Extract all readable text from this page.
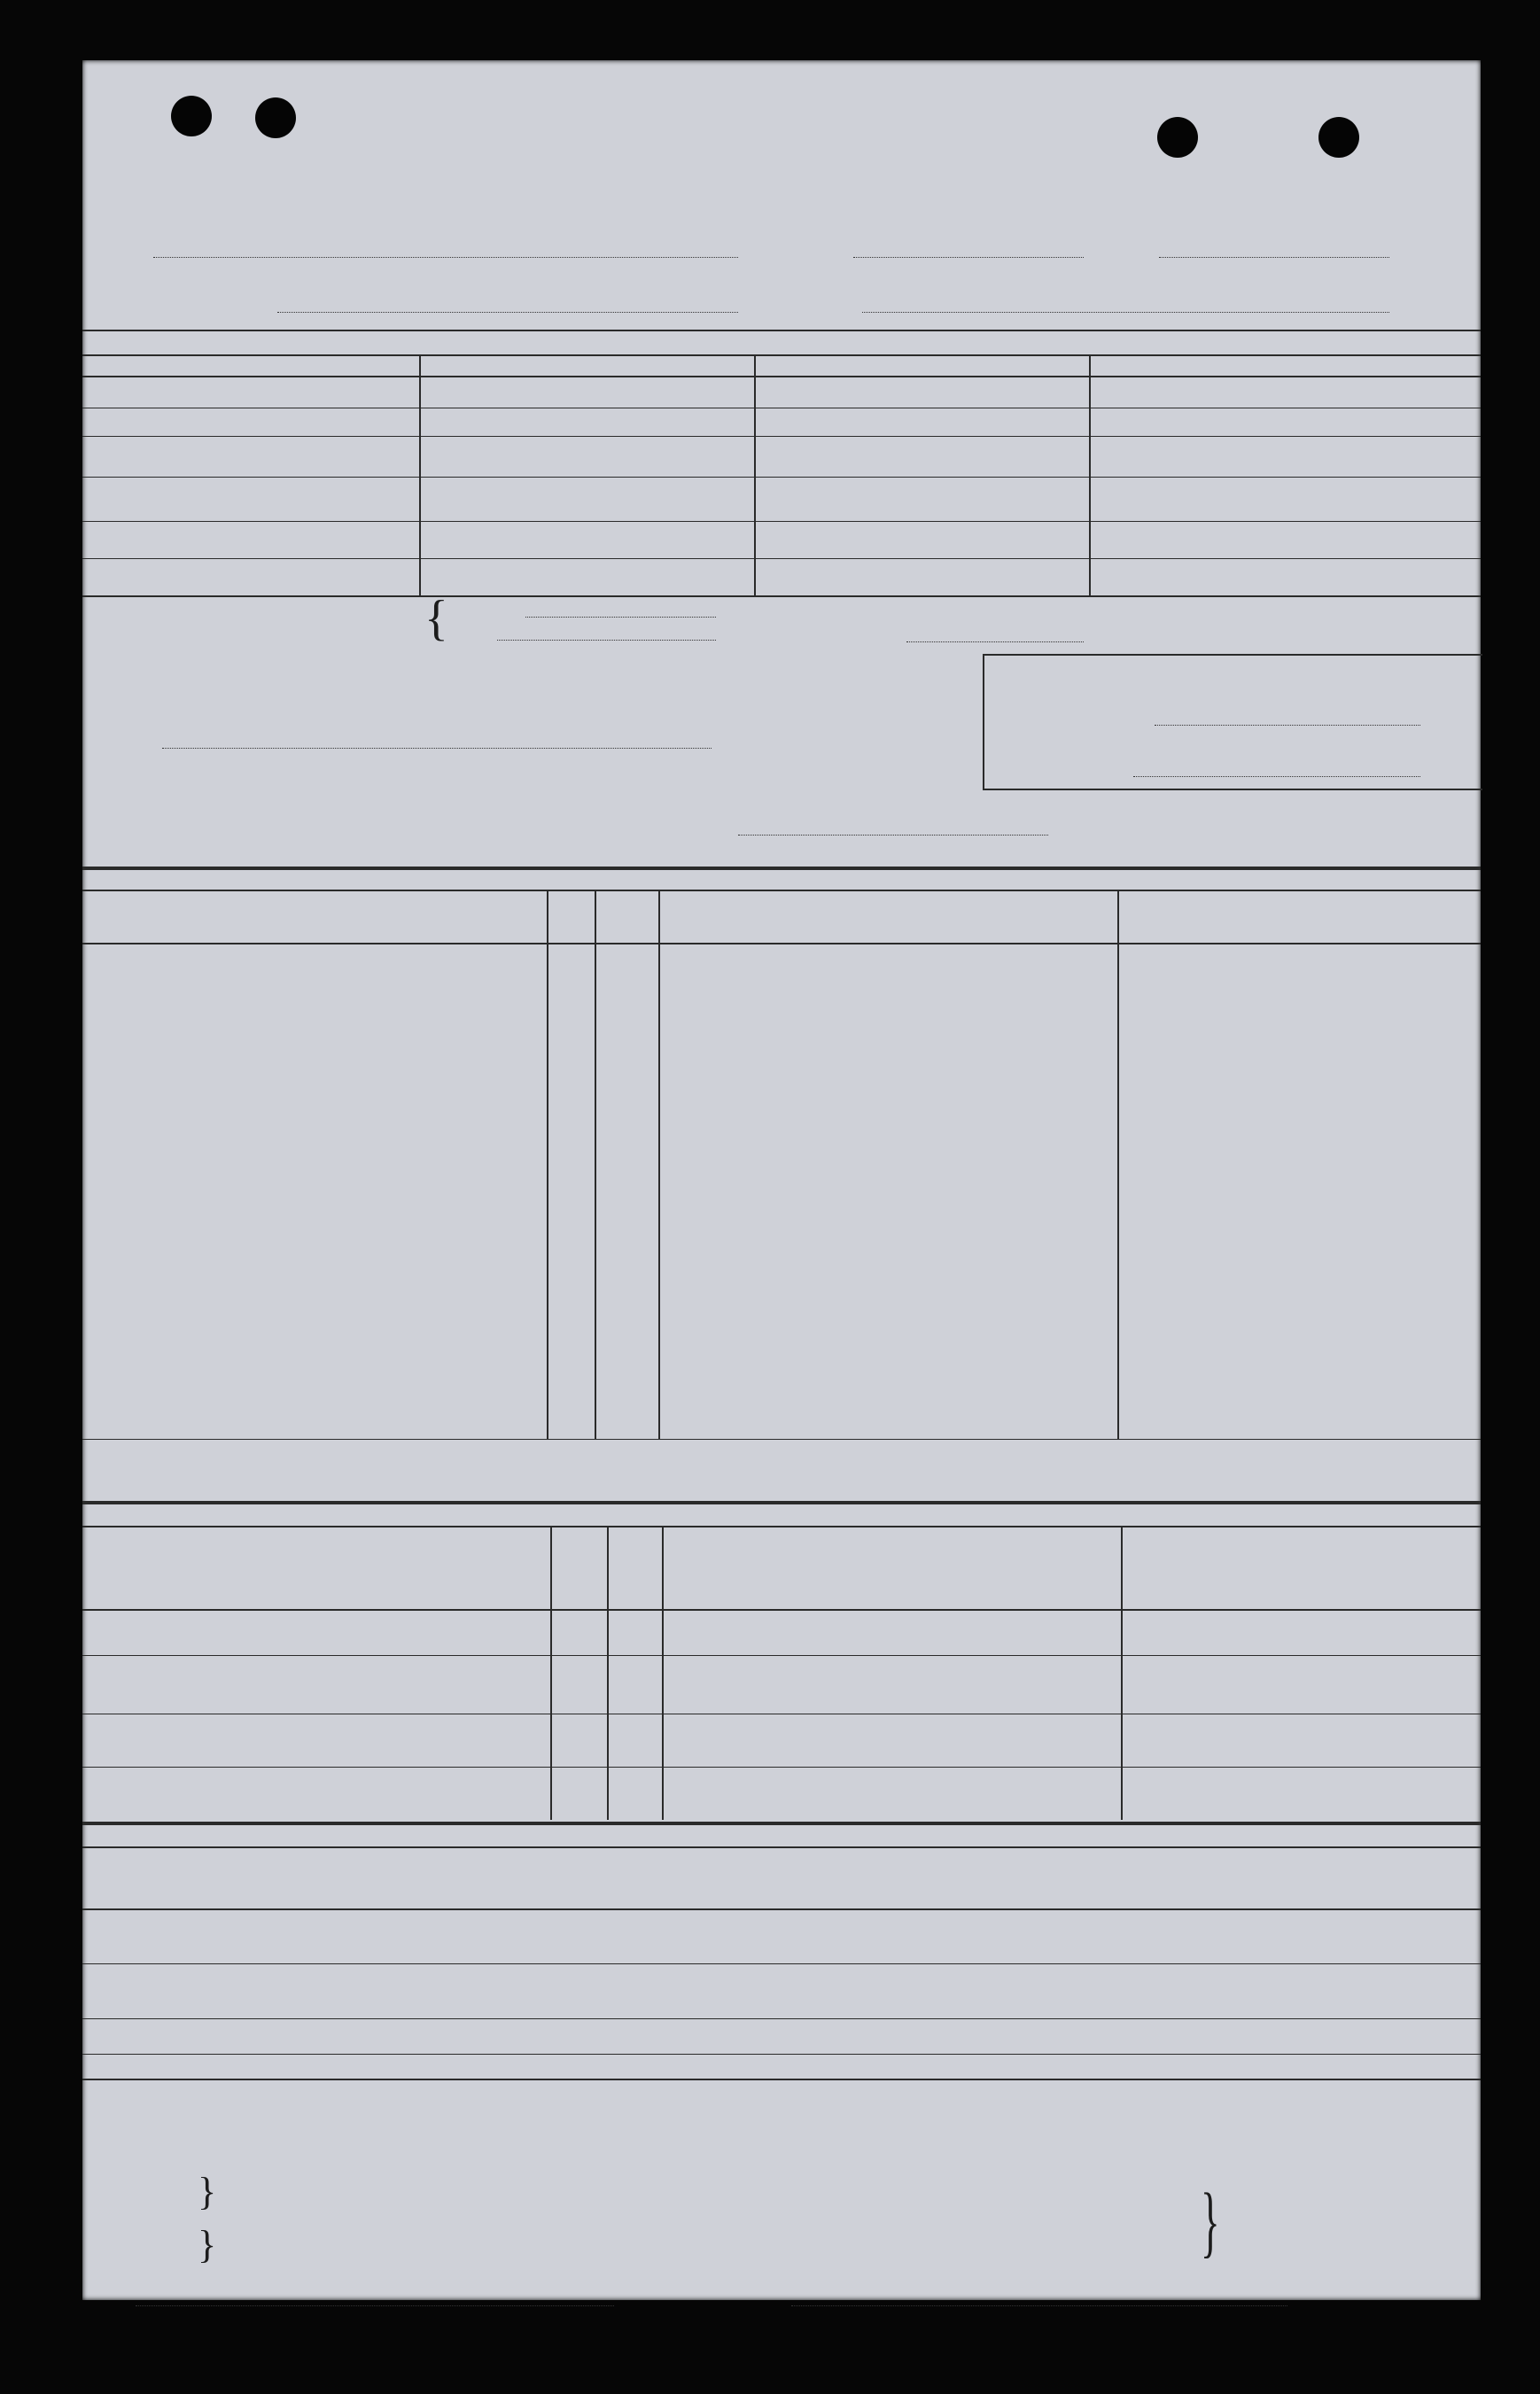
{
}
}	}
